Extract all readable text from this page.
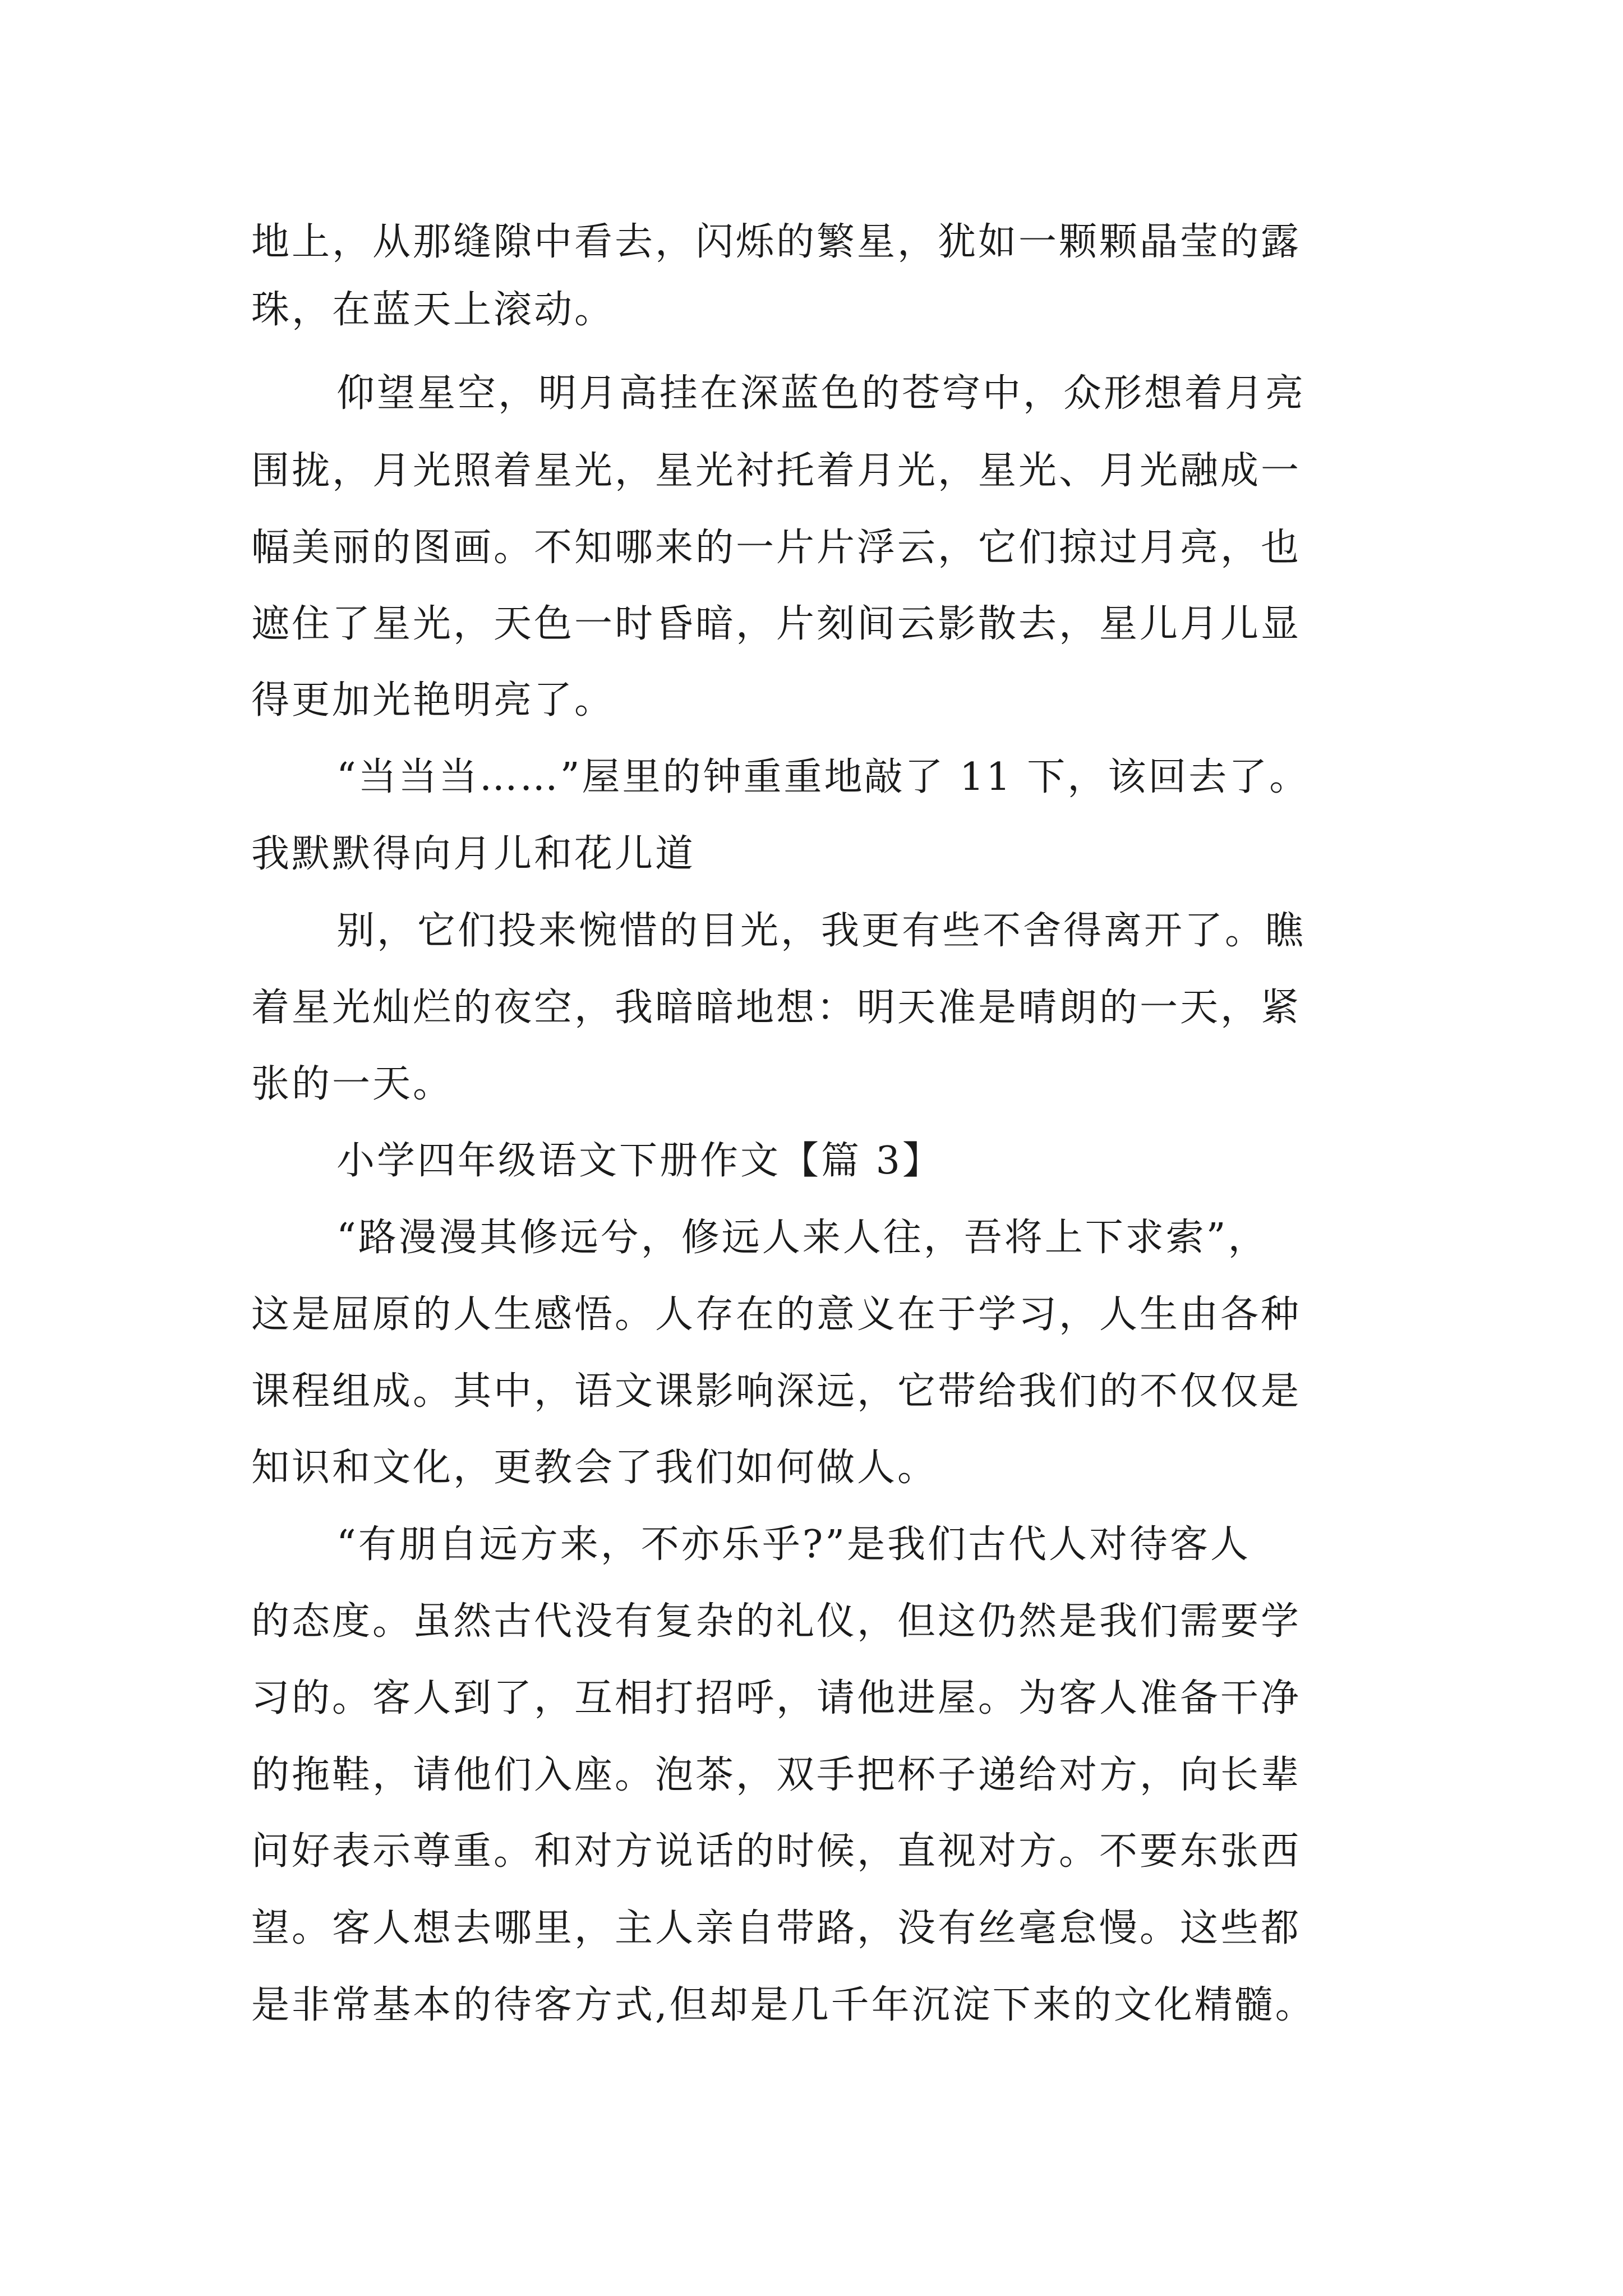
地上，从那缝隙中看去，闪烁的繁星，犹如一颗颗晶莹的露
珠，在蓝天上滚动。
仰望星空，明月高挂在深蓝色的苍穹中，众形想着月亮
围拢，月光照着星光，星光衬托着月光，星光、月光融成一
幅美丽的图画。不知哪来的一片片浮云，它们掠过月亮，也
遮住了星光，天色一时昏暗，片刻间云影散去，星儿月儿显
得更加光艳明亮了。
“当当当……”屋里的钟重重地敲了 11 下，该回去了。
我默默得向月儿和花儿道
别，它们投来惋惜的目光，我更有些不舍得离开了。瞧
着星光灿烂的夜空，我暗暗地想：明天准是晴朗的一天，紧
张的一天。
小学四年级语文下册作文【篇 3】
“路漫漫其修远兮，修远人来人往，吾将上下求索”，
这是屈原的人生感悟。人存在的意义在于学习，人生由各种
课程组成。其中，语文课影响深远，它带给我们的不仅仅是
知识和文化，更教会了我们如何做人。
“有朋自远方来，不亦乐乎?”是我们古代人对待客人
的态度。虽然古代没有复杂的礼仪，但这仍然是我们需要学
习的。客人到了，互相打招呼，请他进屋。为客人准备干净
的拖鞋，请他们入座。泡茶，双手把杯子递给对方，向长辈
问好表示尊重。和对方说话的时候，直视对方。不要东张西
望。客人想去哪里，主人亲自带路，没有丝毫怠慢。这些都
是非常基本的待客方式,但却是几千年沉淀下来的文化精髓。
